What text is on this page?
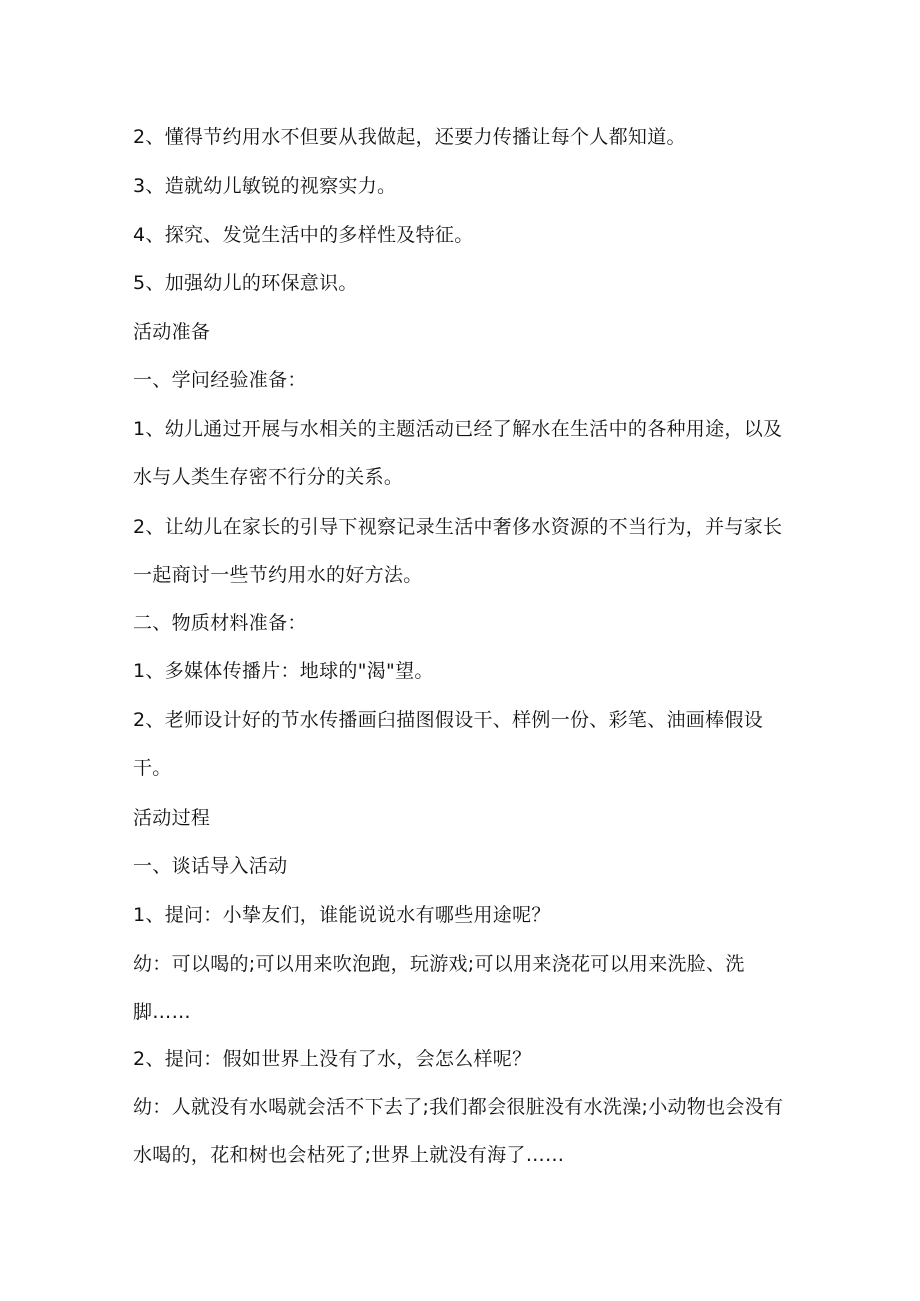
2、懂得节约用水不但要从我做起，还要力传播让每个人都知道。

3、造就幼儿敏锐的视察实力。

4、探究、发觉生活中的多样性及特征。

5、加强幼儿的环保意识。

活动准备

一、学问经验准备：

1、幼儿通过开展与水相关的主题活动已经了解水在生活中的各种用途，以及水与人类生存密不行分的关系。

2、让幼儿在家长的引导下视察记录生活中奢侈水资源的不当行为，并与家长一起商讨一些节约用水的好方法。

二、物质材料准备：

1、多媒体传播片：地球的"渴"望。

2、老师设计好的节水传播画臼描图假设干、样例一份、彩笔、油画棒假设干。

活动过程

一、谈话导入活动

1、提问：小挚友们，谁能说说水有哪些用途呢？

幼：可以喝的;可以用来吹泡跑，玩游戏;可以用来浇花可以用来洗脸、洗脚……

2、提问：假如世界上没有了水，会怎么样呢？

幼：人就没有水喝就会活不下去了;我们都会很脏没有水洗澡;小动物也会没有水喝的，花和树也会枯死了;世界上就没有海了……
